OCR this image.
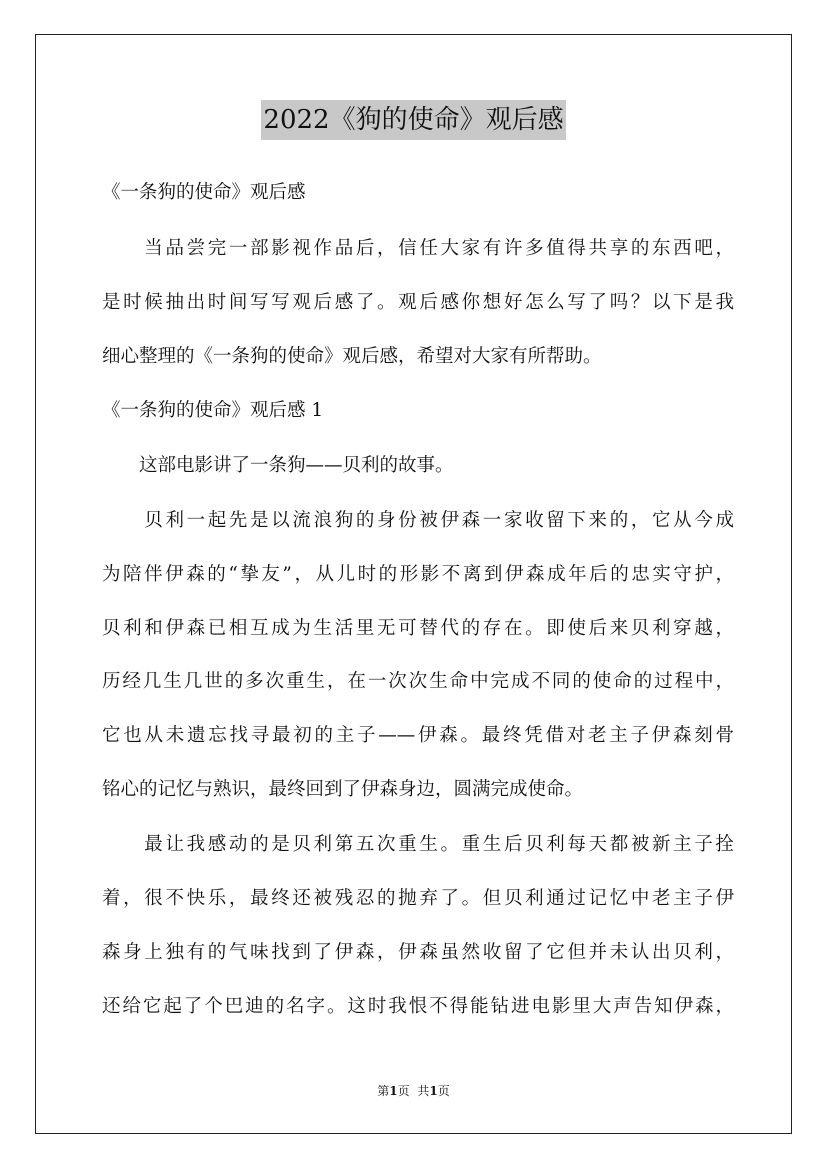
2022《狗的使命》观后感

《一条狗的使命》观后感

　　当品尝完一部影视作品后，信任大家有许多值得共享的东西吧，

是时候抽出时间写写观后感了。观后感你想好怎么写了吗？以下是我

细心整理的《一条狗的使命》观后感，希望对大家有所帮助。

《一条狗的使命》观后感 1

　　这部电影讲了一条狗——贝利的故事。

　　贝利一起先是以流浪狗的身份被伊森一家收留下来的，它从今成

为陪伴伊森的“挚友”，从儿时的形影不离到伊森成年后的忠实守护，

贝利和伊森已相互成为生活里无可替代的存在。即使后来贝利穿越，

历经几生几世的多次重生，在一次次生命中完成不同的使命的过程中，

它也从未遗忘找寻最初的主子——伊森。最终凭借对老主子伊森刻骨

铭心的记忆与熟识，最终回到了伊森身边，圆满完成使命。

　　最让我感动的是贝利第五次重生。重生后贝利每天都被新主子拴

着，很不快乐，最终还被残忍的抛弃了。但贝利通过记忆中老主子伊

森身上独有的气味找到了伊森，伊森虽然收留了它但并未认出贝利，

还给它起了个巴迪的名字。这时我恨不得能钻进电影里大声告知伊森，

第1页 共1页
